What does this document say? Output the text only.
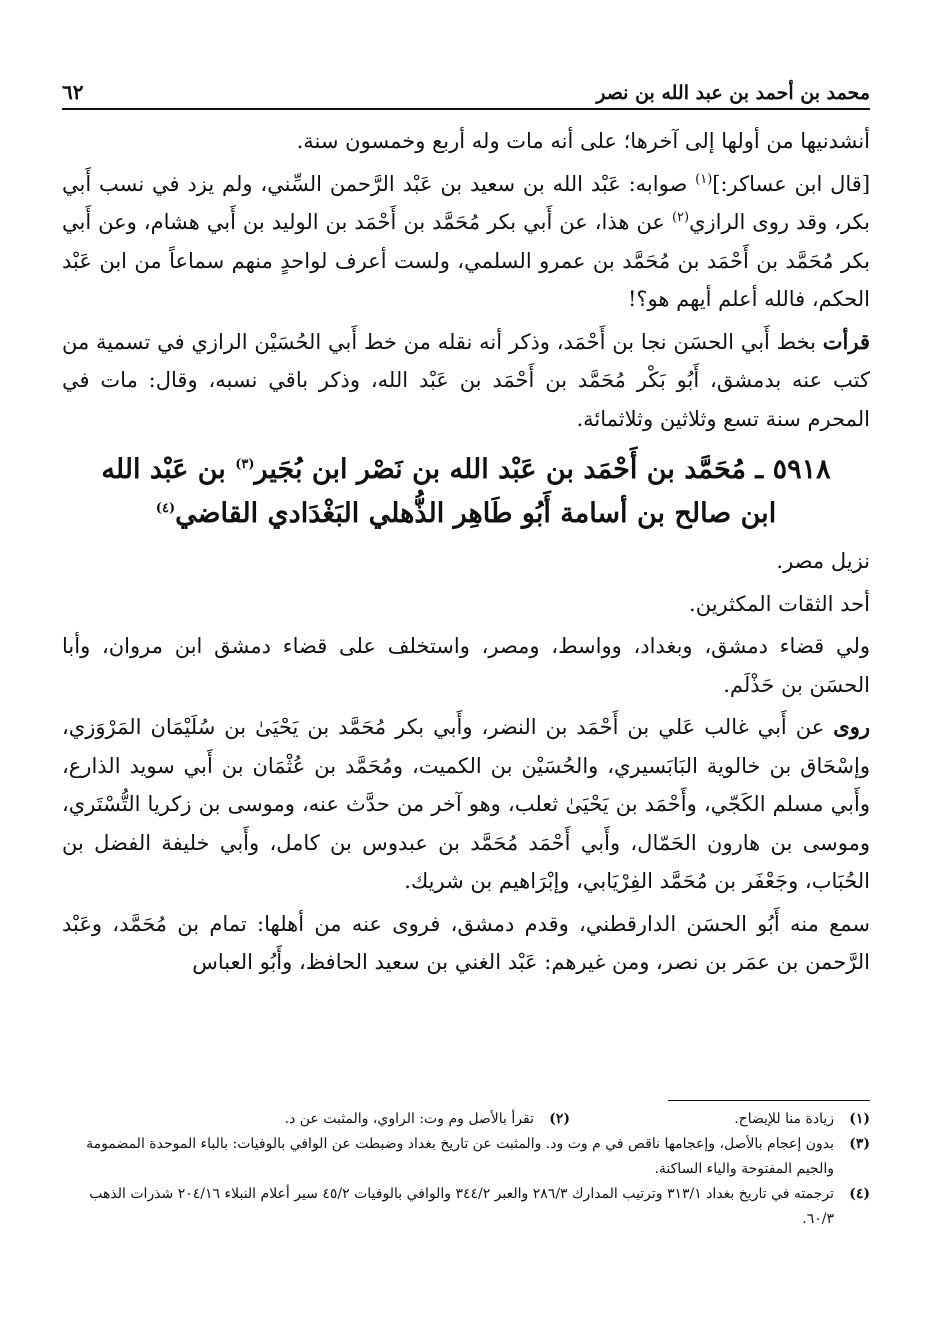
محمد بن أحمد بن عبد الله بن نصر
٦٢

أنشدنيها من أولها إلى آخرها؛ على أنه مات وله أربع وخمسون سنة.

[قال ابن عساكر:]$^{(١)}$ صوابه: عَبْد الله بن سعيد بن عَبْد الرَّحمن السِّني، ولم يزد في نسب أَبي بكر، وقد روى الرازي$^{(٢)}$ عن هذا، عن أَبي بكر مُحَمَّد بن أَحْمَد بن الوليد بن أَبي هشام، وعن أَبي بكر مُحَمَّد بن أَحْمَد بن مُحَمَّد بن عمرو السلمي، ولست أعرف لواحدٍ منهم سماعاً من ابن عَبْد الحكم، فالله أعلم أيهم هو؟!

قرأت بخط أَبي الحسَن نجا بن أَحْمَد، وذكر أنه نقله من خط أَبي الحُسَيْن الرازي في تسمية من كتب عنه بدمشق، أَبُو بَكْر مُحَمَّد بن أَحْمَد بن عَبْد الله، وذكر باقي نسبه، وقال: مات في المحرم سنة تسع وثلاثين وثلاثمائة.

٥٩١٨ ـ مُحَمَّد بن أَحْمَد بن عَبْد الله بن نَصْر ابن بُجَير$^{(٣)}$ بن عَبْد الله
ابن صالح بن أسامة أَبُو طَاهِر الذُّهلي البَغْدَادي القاضي$^{(٤)}$

نزيل مصر.

أحد الثقات المكثرين.

ولي قضاء دمشق، وبغداد، وواسط، ومصر، واستخلف على قضاء دمشق ابن مروان، وأبا الحسَن بن حَذْلَم.

روى عن أَبي غالب عَلي بن أَحْمَد بن النضر، وأَبي بكر مُحَمَّد بن يَحْيَىٰ بن سُلَيْمَان المَرْوَزي، وإسْحَاق بن خالوية البَابَسيري، والحُسَيْن بن الكميت، ومُحَمَّد بن عُثْمَان بن أَبي سويد الذارع، وأَبي مسلم الكَجّي، وأَحْمَد بن يَحْيَىٰ ثعلب، وهو آخر من حدَّث عنه، وموسى بن زكريا التُّسْتَري، وموسى بن هارون الحَمّال، وأَبي أَحْمَد مُحَمَّد بن عبدوس بن كامل، وأَبي خليفة الفضل بن الحُبَاب، وجَعْفَر بن مُحَمَّد الفِرْيَابي، وإبْرَاهيم بن شريك.

سمع منه أَبُو الحسَن الدارقطني، وقدم دمشق، فروى عنه من أهلها: تمام بن مُحَمَّد، وعَبْد الرَّحمن بن عمَر بن نصر، ومن غيرهم: عَبْد الغني بن سعيد الحافظ، وأَبُو العباس

(١)
زيادة منا للإيضاح.
(٢)
تقرأ بالأصل وم وت: الراوي، والمثبت عن د.
(٣)
بدون إعجام بالأصل، وإعجامها ناقص في م وت ود. والمثبت عن تاريخ بغداد وضبطت عن الوافي بالوفيات: بالباء الموحدة المضمومة والجيم المفتوحة والياء الساكنة.
(٤)
ترجمته في تاريخ بغداد ٣١٣/١ وترتيب المدارك ٢٨٦/٣ والعبر ٣٤٤/٢ والوافي بالوفيات ٤٥/٢ سير أعلام النبلاء ٢٠٤/١٦ شذرات الذهب ٦٠/٣.
